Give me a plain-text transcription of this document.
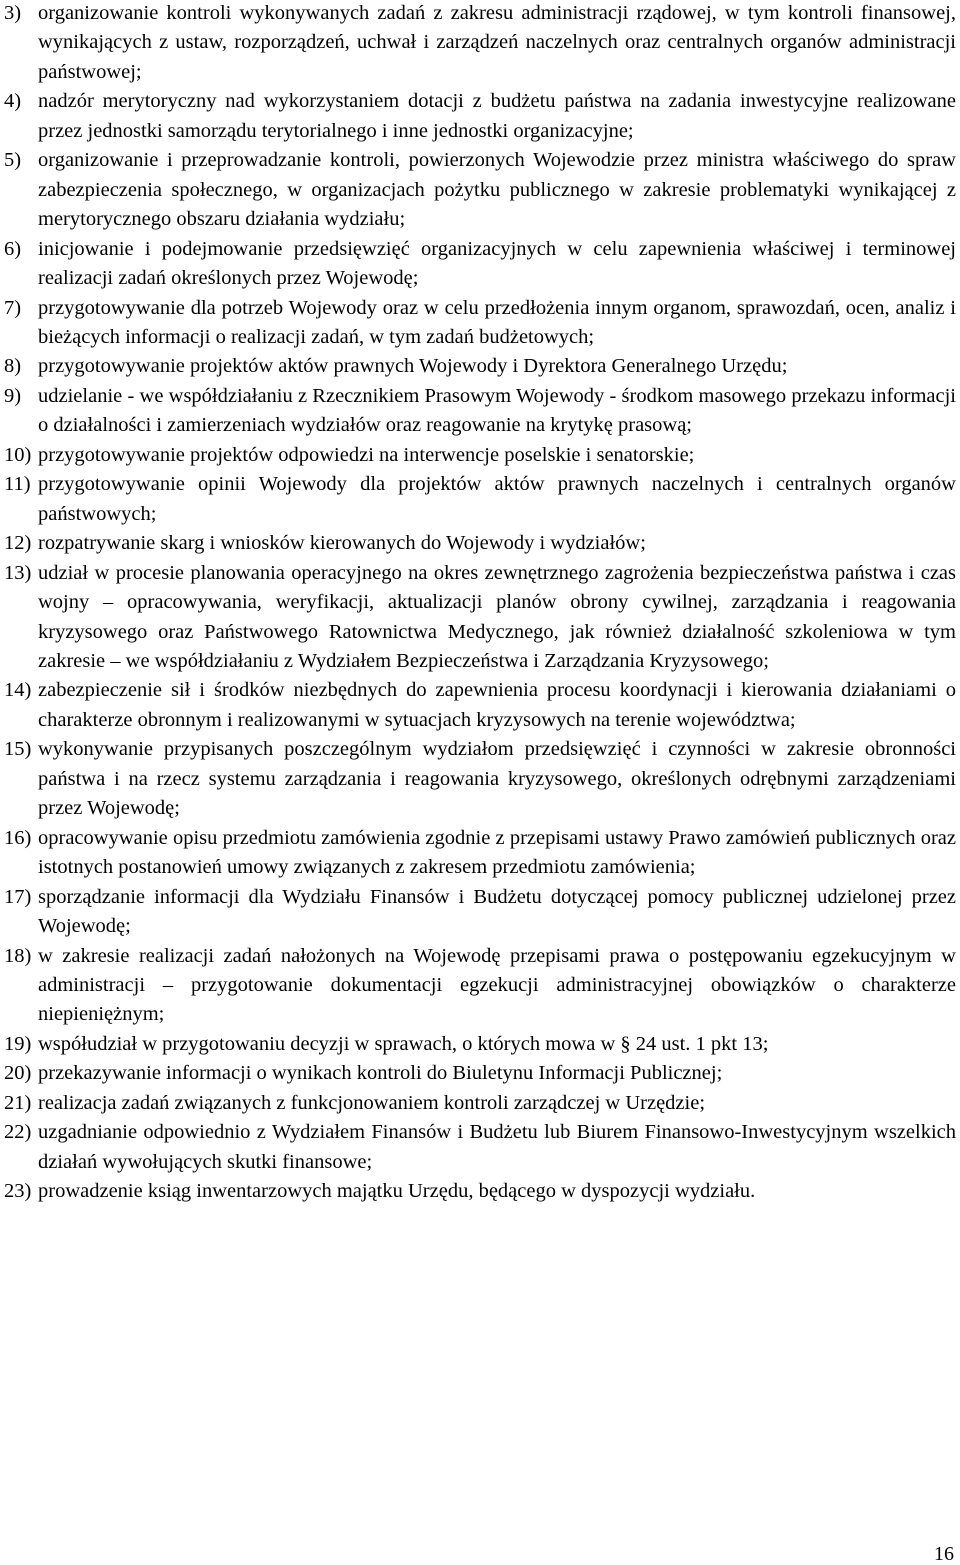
3) organizowanie kontroli wykonywanych zadań z zakresu administracji rządowej, w tym kontroli finansowej, wynikających z ustaw, rozporządzeń, uchwał i zarządzeń naczelnych oraz centralnych organów administracji państwowej;
4) nadzór merytoryczny nad wykorzystaniem dotacji z budżetu państwa na zadania inwestycyjne realizowane przez jednostki samorządu terytorialnego i inne jednostki organizacyjne;
5) organizowanie i przeprowadzanie kontroli, powierzonych Wojewodzie przez ministra właściwego do spraw zabezpieczenia społecznego, w organizacjach pożytku publicznego w zakresie problematyki wynikającej z merytorycznego obszaru działania wydziału;
6) inicjowanie i podejmowanie przedsięwzięć organizacyjnych w celu zapewnienia właściwej i terminowej realizacji zadań określonych przez Wojewodę;
7) przygotowywanie dla potrzeb Wojewody oraz w celu przedłożenia innym organom, sprawozdań, ocen, analiz i bieżących informacji o realizacji zadań, w tym zadań budżetowych;
8) przygotowywanie projektów aktów prawnych Wojewody i Dyrektora Generalnego Urzędu;
9) udzielanie - we współdziałaniu z Rzecznikiem Prasowym Wojewody - środkom masowego przekazu informacji o działalności i zamierzeniach wydziałów oraz reagowanie na krytykę prasową;
10) przygotowywanie projektów odpowiedzi na interwencje poselskie i senatorskie;
11) przygotowywanie opinii Wojewody dla projektów aktów prawnych naczelnych i centralnych organów państwowych;
12) rozpatrywanie skarg i wniosków kierowanych do Wojewody i wydziałów;
13) udział w procesie planowania operacyjnego na okres zewnętrznego zagrożenia bezpieczeństwa państwa i czas wojny – opracowywania, weryfikacji, aktualizacji planów obrony cywilnej, zarządzania i reagowania kryzysowego oraz Państwowego Ratownictwa Medycznego, jak również działalność szkoleniowa w tym zakresie – we współdziałaniu z Wydziałem Bezpieczeństwa i Zarządzania Kryzysowego;
14) zabezpieczenie sił i środków niezbędnych do zapewnienia procesu koordynacji i kierowania działaniami o charakterze obronnym i realizowanymi w sytuacjach kryzysowych na terenie województwa;
15) wykonywanie przypisanych poszczególnym wydziałom przedsięwzięć i czynności w zakresie obronności państwa i na rzecz systemu zarządzania i reagowania kryzysowego, określonych odrębnymi zarządzeniami przez Wojewodę;
16) opracowywanie opisu przedmiotu zamówienia zgodnie z przepisami ustawy Prawo zamówień publicznych oraz istotnych postanowień umowy związanych z zakresem przedmiotu zamówienia;
17) sporządzanie informacji dla Wydziału Finansów i Budżetu dotyczącej pomocy publicznej udzielonej przez Wojewodę;
18) w zakresie realizacji zadań nałożonych na Wojewodę przepisami prawa o postępowaniu egzekucyjnym w administracji – przygotowanie dokumentacji egzekucji administracyjnej obowiązków o charakterze niepieniężnym;
19) współudział w przygotowaniu decyzji w sprawach, o których mowa w § 24 ust. 1 pkt 13;
20) przekazywanie informacji o wynikach kontroli do Biuletynu Informacji Publicznej;
21) realizacja zadań związanych z funkcjonowaniem kontroli zarządczej w Urzędzie;
22) uzgadnianie odpowiednio z Wydziałem Finansów i Budżetu lub Biurem Finansowo-Inwestycyjnym wszelkich działań wywołujących skutki finansowe;
23) prowadzenie ksiąg inwentarzowych majątku Urzędu, będącego w dyspozycji wydziału.
16
